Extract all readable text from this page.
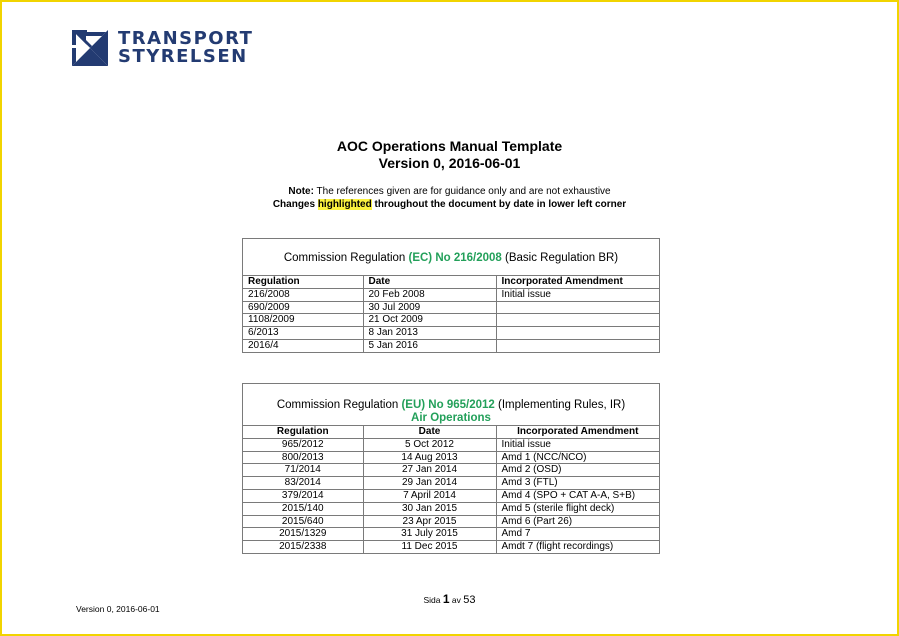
TRANSPORT
STYRELSEN
AOC Operations Manual Template
Version 0, 2016-06-01
Note: The references given are for guidance only and are not exhaustive
Changes highlighted throughout the document by date in lower left corner
Commission Regulation (EC) No 216/2008 (Basic Regulation BR)
Regulation	Date	Incorporated Amendment
216/2008	20 Feb 2008	Initial issue
690/2009	30 Jul 2009	
1108/2009	21 Oct 2009	
6/2013	8 Jan 2013	
2016/4	5 Jan 2016	
Commission Regulation (EU) No 965/2012 (Implementing Rules, IR)
Air Operations
Regulation	Date	Incorporated Amendment
965/2012	5 Oct 2012	Initial issue
800/2013	14 Aug 2013	Amd 1 (NCC/NCO)
71/2014	27 Jan 2014	Amd 2 (OSD)
83/2014	29 Jan 2014	Amd 3 (FTL)
379/2014	7 April 2014	Amd 4 (SPO + CAT A-A, S+B)
2015/140	30 Jan 2015	Amd 5 (sterile flight deck)
2015/640	23 Apr 2015	Amd 6 (Part 26)
2015/1329	31 July 2015	Amd 7
2015/2338	11 Dec 2015	Amdt 7 (flight recordings)
Sida 1 av 53
Version 0, 2016-06-01
